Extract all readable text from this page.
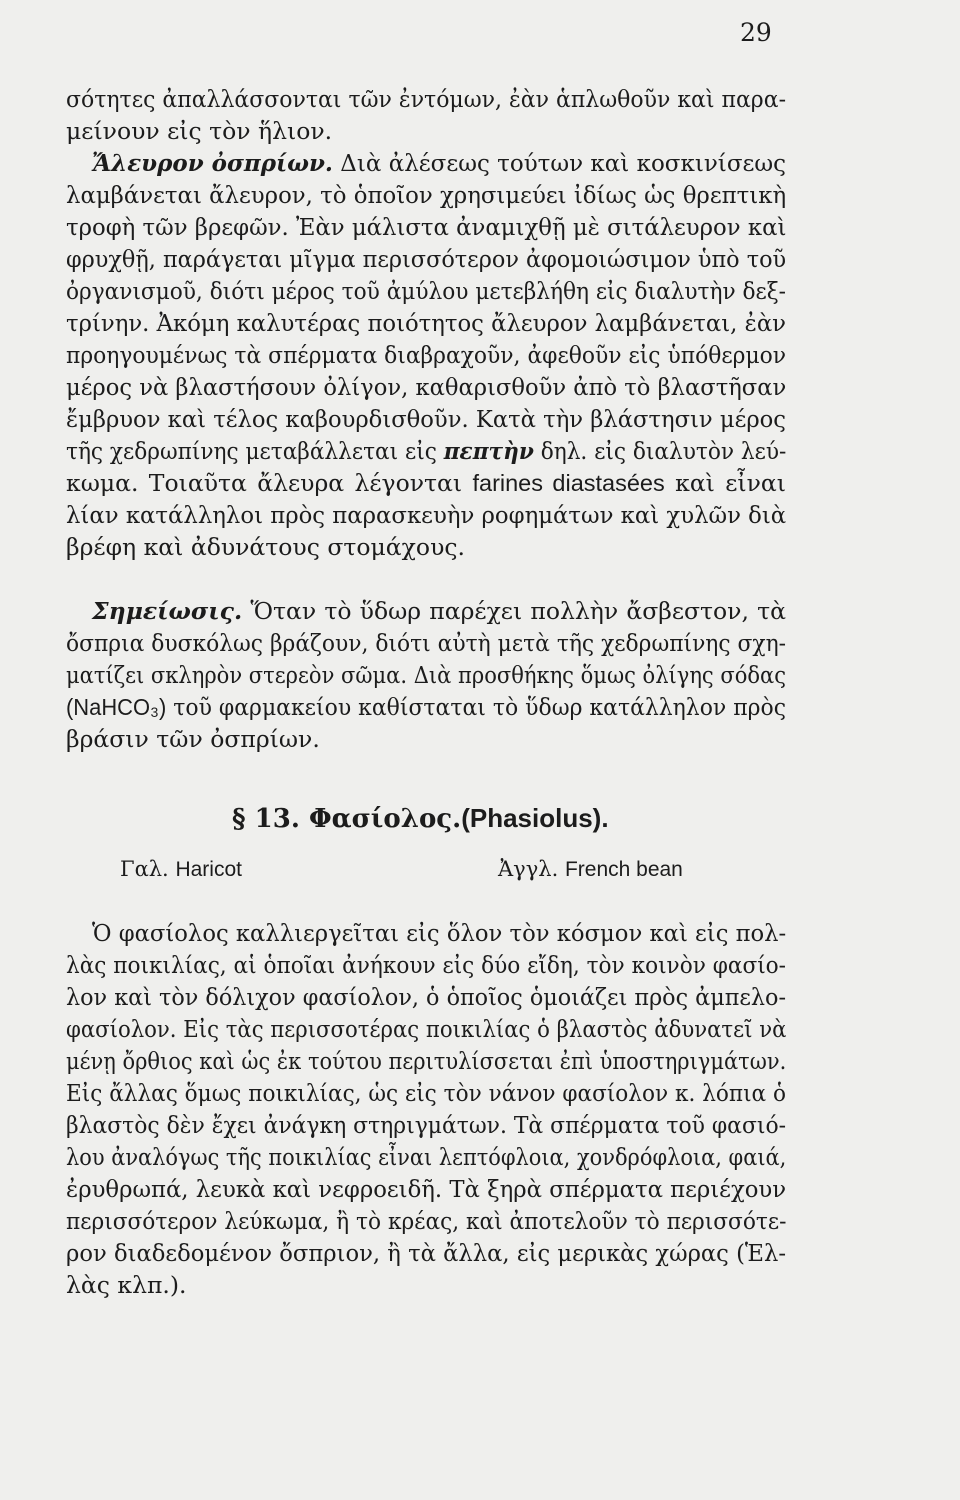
29
σότητες ἀπαλλάσσονται τῶν ἐντόμων, ἐὰν ἁπλωθοῦν καὶ παρα-
μείνουν εἰς τὸν ἥλιον.
Ἄλευρον ὀσπρίων. Διὰ ἀλέσεως τούτων καὶ κοσκινίσεως
λαμβάνεται ἄλευρον, τὸ ὁποῖον χρησιμεύει ἰδίως ὡς θρεπτικὴ
τροφὴ τῶν βρεφῶν. Ἐὰν μάλιστα ἀναμιχθῇ μὲ σιτάλευρον καὶ
φρυχθῇ, παράγεται μῖγμα περισσότερον ἀφομοιώσιμον ὑπὸ τοῦ
ὀργανισμοῦ, διότι μέρος τοῦ ἀμύλου μετεβλήθη εἰς διαλυτὴν δεξ-
τρίνην. Ἀκόμη καλυτέρας ποιότητος ἄλευρον λαμβάνεται, ἐὰν
προηγουμένως τὰ σπέρματα διαβραχοῦν, ἀφεθοῦν εἰς ὑπόθερμον
μέρος νὰ βλαστήσουν ὀλίγον, καθαρισθοῦν ἀπὸ τὸ βλαστῆσαν
ἔμβρυον καὶ τέλος καβουρδισθοῦν. Κατὰ τὴν βλάστησιν μέρος
τῆς χεδρωπίνης μεταβάλλεται εἰς πεπτὴν δηλ. εἰς διαλυτὸν λεύ-
κωμα. Τοιαῦτα ἄλευρα λέγονται farines diastasées καὶ εἶναι
λίαν κατάλληλοι πρὸς παρασκευὴν ροφημάτων καὶ χυλῶν διὰ
βρέφη καὶ ἀδυνάτους στομάχους.
Σημείωσις. Ὅταν τὸ ὕδωρ παρέχει πολλὴν ἄσβεστον, τὰ
ὄσπρια δυσκόλως βράζουν, διότι αὐτὴ μετὰ τῆς χεδρωπίνης σχη-
ματίζει σκληρὸν στερεὸν σῶμα. Διὰ προσθήκης ὅμως ὀλίγης σόδας
(NaHCO₃) τοῦ φαρμακείου καθίσταται τὸ ὕδωρ κατάλληλον πρὸς
βράσιν τῶν ὀσπρίων.
§ 13. Φασίολος.(Phasiolus).
Γαλ. Haricot	Ἀγγλ. French bean
Ὁ φασίολος καλλιεργεῖται εἰς ὅλον τὸν κόσμον καὶ εἰς πολ-
λὰς ποικιλίας, αἱ ὁποῖαι ἀνήκουν εἰς δύο εἴδη, τὸν κοινὸν φασίο-
λον καὶ τὸν δόλιχον φασίολον, ὁ ὁποῖος ὁμοιάζει πρὸς ἀμπελο-
φασίολον. Εἰς τὰς περισσοτέρας ποικιλίας ὁ βλαστὸς ἀδυνατεῖ νὰ
μένῃ ὄρθιος καὶ ὡς ἐκ τούτου περιτυλίσσεται ἐπὶ ὑποστηριγμάτων.
Εἰς ἄλλας ὅμως ποικιλίας, ὡς εἰς τὸν νάνον φασίολον κ. λόπια ὁ
βλαστὸς δὲν ἔχει ἀνάγκη στηριγμάτων. Τὰ σπέρματα τοῦ φασιό-
λου ἀναλόγως τῆς ποικιλίας εἶναι λεπτόφλοια, χονδρόφλοια, φαιά,
ἐρυθρωπά, λευκὰ καὶ νεφροειδῆ. Τὰ ξηρὰ σπέρματα περιέχουν
περισσότερον λεύκωμα, ἢ τὸ κρέας, καὶ ἀποτελοῦν τὸ περισσότε-
ρον διαδεδομένον ὄσπριον, ἢ τὰ ἄλλα, εἰς μερικὰς χώρας (Ἑλ-
λὰς κλπ.).
